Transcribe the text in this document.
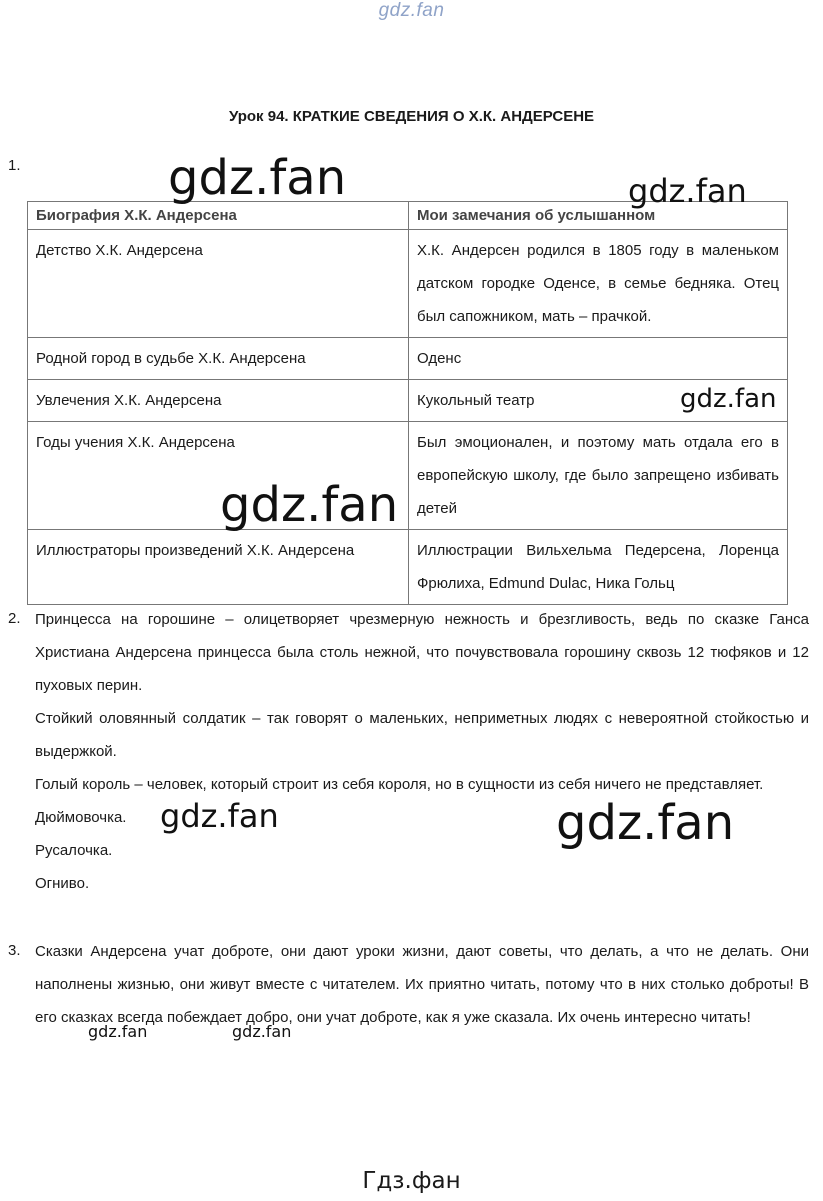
gdz.fan
Урок 94. КРАТКИЕ СВЕДЕНИЯ О Х.К. АНДЕРСЕНЕ
1.
Биография Х.К. Андерсена	Мои замечания об услышанном
Детство Х.К. Андерсена	Х.К. Андерсен родился в 1805 году в маленьком датском городке Оденсе, в семье бедняка. Отец был сапожником, мать – прачкой.
Родной город в судьбе Х.К. Андерсена	Оденс
Увлечения Х.К. Андерсена	Кукольный театр
Годы учения Х.К. Андерсена	Был эмоционален, и поэтому мать отдала его в европейскую школу, где было запрещено избивать детей
Иллюстраторы произведений Х.К. Андерсена	Иллюстрации Вильхельма Педерсена, Лоренца Фрюлиха, Edmund Dulac, Ника Гольц
2. Принцесса на горошине – олицетворяет чрезмерную нежность и брезгливость, ведь по сказке Ганса Христиана Андерсена принцесса была столь нежной, что почувствовала горошину сквозь 12 тюфяков и 12 пуховых перин.

Стойкий оловянный солдатик – так говорят о маленьких, неприметных людях с невероятной стойкостью и выдержкой.

Голый король – человек, который строит из себя короля, но в сущности из себя ничего не представляет.

Дюймовочка.

Русалочка.

Огниво.

3. Сказки Андерсена учат доброте, они дают уроки жизни, дают советы, что делать, а что не делать. Они наполнены жизнью, они живут вместе с читателем. Их приятно читать, потому что в них столько доброты! В его сказках всегда побеждает добро, они учат доброте, как я уже сказала. Их очень интересно читать!

gdz.fan	gdz.fan
gdz.fan
gdz.fan
gdz.fan	gdz.fan
gdz.fan	gdz.fan
Гдз.фан
